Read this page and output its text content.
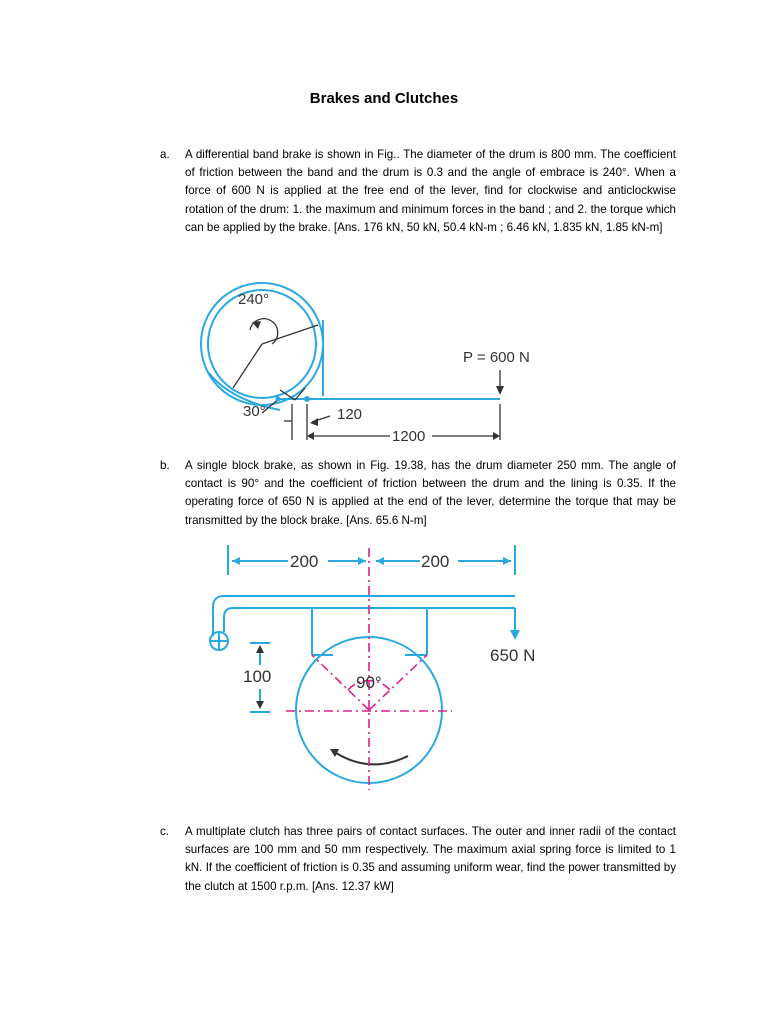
Brakes and Clutches
a. A differential band brake is shown in Fig.. The diameter of the drum is 800 mm. The coefficient of friction between the band and the drum is 0.3 and the angle of embrace is 240°. When a force of 600 N is applied at the free end of the lever, find for clockwise and anticlockwise rotation of the drum: 1. the maximum and minimum forces in the band ; and 2. the torque which can be applied by the brake. [Ans. 176 kN, 50 kN, 50.4 kN-m ; 6.46 kN, 1.835 kN, 1.85 kN-m]
240°
P = 600 N
30°	120
1200
b. A single block brake, as shown in Fig. 19.38, has the drum diameter 250 mm. The angle of contact is 90° and the coefficient of friction between the drum and the lining is 0.35. If the operating force of 650 N is applied at the end of the lever, determine the torque that may be transmitted by the block brake. [Ans. 65.6 N-m]
200	200
650 N
100	90°
c. A multiplate clutch has three pairs of contact surfaces. The outer and inner radii of the contact surfaces are 100 mm and 50 mm respectively. The maximum axial spring force is limited to 1 kN. If the coefficient of friction is 0.35 and assuming uniform wear, find the power transmitted by the clutch at 1500 r.p.m. [Ans. 12.37 kW]
